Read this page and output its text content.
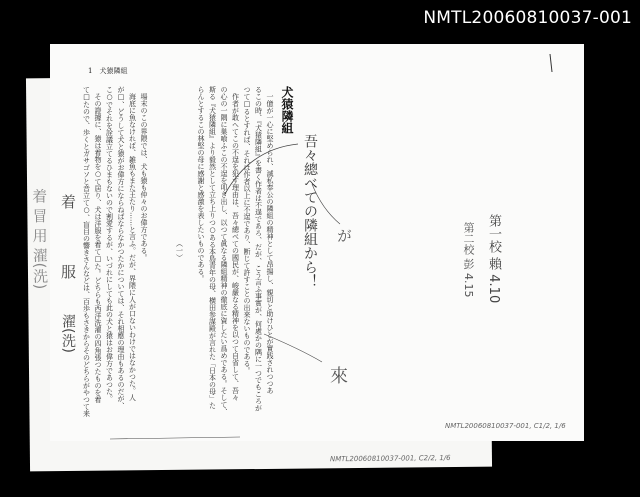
NMTL20060810037-001
着 冒 用 濯(洗)
NMTL20060810037-001, C2/2, 1/6
1　犬猿隣組
犬猿隣組
一億が一心に堅められ、滅私奉公の隣組の精神として昂揚し、親切と助けひとが實践されつつあ
るこの時、『犬猿隣組』を書く作者は不逞であろ、だが、こう言ふ事實が、何處かの隅に一つでもころが
つて□るとすれば、それは作者以上に不逞であり、断じて許すことの出来ないものである。
作者が敢へてこの不逞を犯す理由は、吾々總べての國民が、峻嚴なる精神を以つて自省して、吾々
の心の一隅に巣喰ふこの不逞を叩き出し、以つて眞なる隣組精神の徹底に資したい爲めである。そして、
斯る『犬猿隣組』より毅然として立ち上りつ○ある本島青年の母、横田参謀殿が言れた「日本の母」た
らんとするこの林堅の母に感謝と感激を表したいものである。
（一）
場末のこの界隈では、犬も猿も仲々のお偉方である。
海底に魚なければ、雑魚もまた王たり……と言ふ。だが、界隈に人が口ないわけではなかつた。人
が□、どうして犬と猿がお偉方にならねばならなかつたかについては、それ相應の理由もあるのだが、
こ○でそれを詮議立てるひまもないので割愛するが、いづれにしても此の犬と猿はお偉方であつた。
その證據に、猿は着物を○て居り、犬は洋服を着て□た。どちらも西洋洗濯の四角張つたものを着
て□たので、歩くとガサゴソと音立て○、盲目の響きさんなどは、百歩もさきからそのどちらがやつて来	吾々總べての隣組から！ が
來
着
服
濯(洗)
第一校 賴 4.10
第二校 彭 4.15
NMTL20060810037-001, C1/2, 1/6
